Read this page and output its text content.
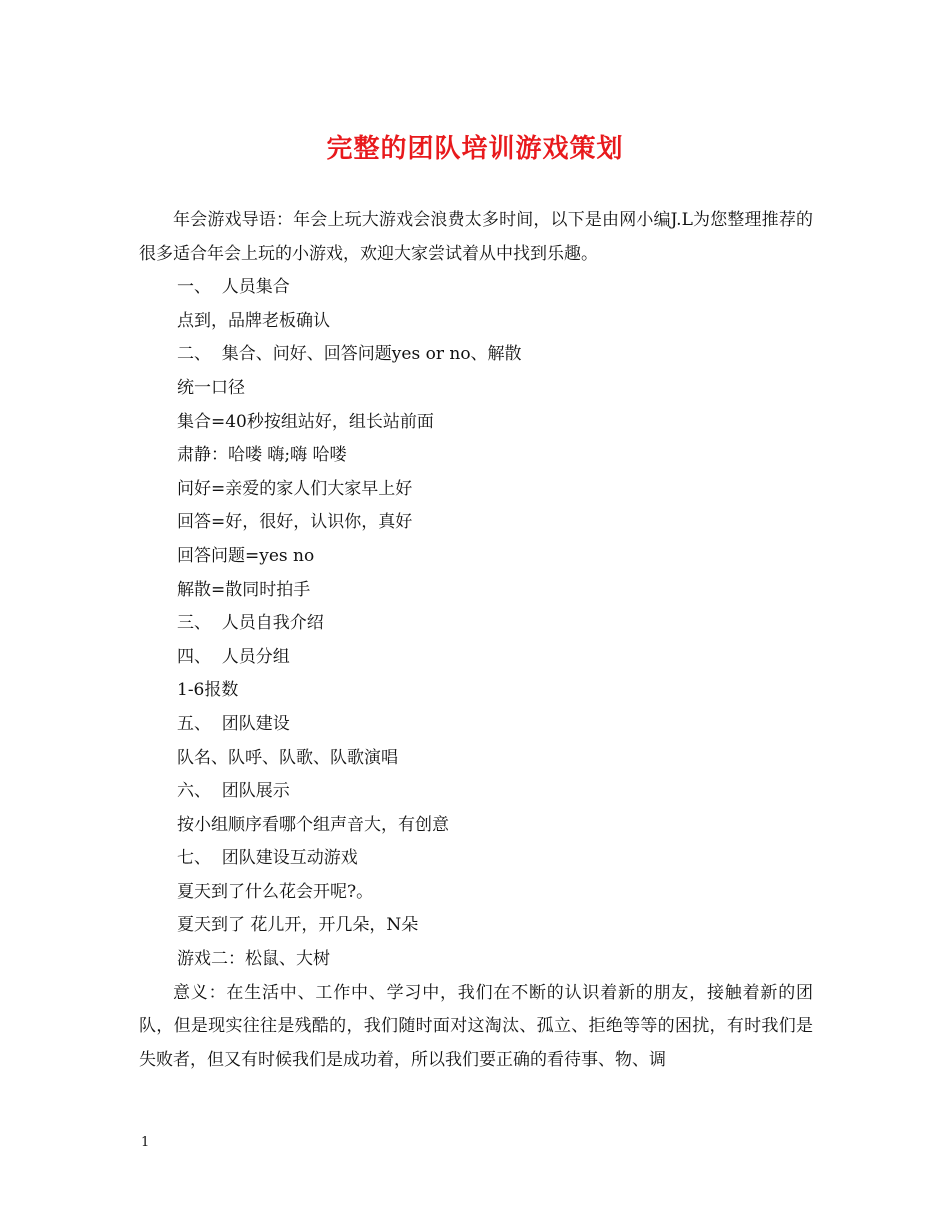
完整的团队培训游戏策划

年会游戏导语：年会上玩大游戏会浪费太多时间，以下是由网小编J.L为您整理推荐的很多适合年会上玩的小游戏，欢迎大家尝试着从中找到乐趣。

一、  人员集合

点到，品牌老板确认

二、  集合、问好、回答问题yes or no、解散

统一口径

集合=40秒按组站好，组长站前面

肃静：哈喽 嗨;嗨 哈喽

问好=亲爱的家人们大家早上好

回答=好，很好，认识你，真好

回答问题=yes no

解散=散同时拍手

三、  人员自我介绍

四、  人员分组

1-6报数

五、  团队建设

队名、队呼、队歌、队歌演唱

六、  团队展示

按小组顺序看哪个组声音大，有创意

七、  团队建设互动游戏

夏天到了什么花会开呢?。

夏天到了 花儿开，开几朵，N朵

游戏二：松鼠、大树

意义：在生活中、工作中、学习中，我们在不断的认识着新的朋友，接触着新的团队，但是现实往往是残酷的，我们随时面对这淘汰、孤立、拒绝等等的困扰，有时我们是失败者，但又有时候我们是成功着，所以我们要正确的看待事、物、调

1
